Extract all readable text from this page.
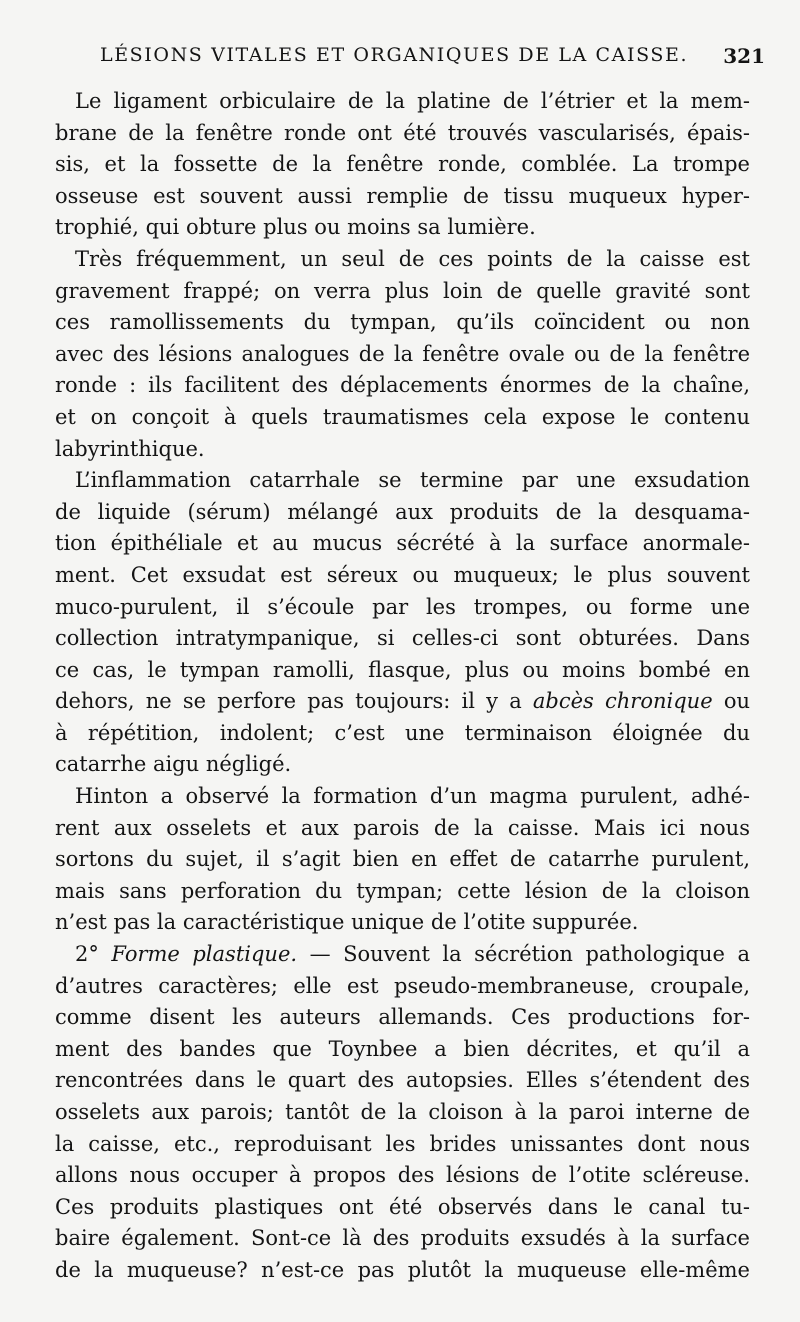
LÉSIONS VITALES ET ORGANIQUES DE LA CAISSE. 321
Le ligament orbiculaire de la platine de l’étrier et la mem-
brane de la fenêtre ronde ont été trouvés vascularisés, épais-
sis, et la fossette de la fenêtre ronde, comblée. La trompe
osseuse est souvent aussi remplie de tissu muqueux hyper-
trophié, qui obture plus ou moins sa lumière.
Très fréquemment, un seul de ces points de la caisse est
gravement frappé; on verra plus loin de quelle gravité sont
ces ramollissements du tympan, qu’ils coïncident ou non
avec des lésions analogues de la fenêtre ovale ou de la fenêtre
ronde : ils facilitent des déplacements énormes de la chaîne,
et on conçoit à quels traumatismes cela expose le contenu
labyrinthique.
L’inflammation catarrhale se termine par une exsudation
de liquide (sérum) mélangé aux produits de la desquama-
tion épithéliale et au mucus sécrété à la surface anormale-
ment. Cet exsudat est séreux ou muqueux; le plus souvent
muco-purulent, il s’écoule par les trompes, ou forme une
collection intratympanique, si celles-ci sont obturées. Dans
ce cas, le tympan ramolli, flasque, plus ou moins bombé en
dehors, ne se perfore pas toujours: il y a abcès chronique ou
à répétition, indolent; c’est une terminaison éloignée du
catarrhe aigu négligé.
Hinton a observé la formation d’un magma purulent, adhé-
rent aux osselets et aux parois de la caisse. Mais ici nous
sortons du sujet, il s’agit bien en effet de catarrhe purulent,
mais sans perforation du tympan; cette lésion de la cloison
n’est pas la caractéristique unique de l’otite suppurée.
2° Forme plastique. — Souvent la sécrétion pathologique a
d’autres caractères; elle est pseudo-membraneuse, croupale,
comme disent les auteurs allemands. Ces productions for-
ment des bandes que Toynbee a bien décrites, et qu’il a
rencontrées dans le quart des autopsies. Elles s’étendent des
osselets aux parois; tantôt de la cloison à la paroi interne de
la caisse, etc., reproduisant les brides unissantes dont nous
allons nous occuper à propos des lésions de l’otite scléreuse.
Ces produits plastiques ont été observés dans le canal tu-
baire également. Sont-ce là des produits exsudés à la surface
de la muqueuse? n’est-ce pas plutôt la muqueuse elle-même
